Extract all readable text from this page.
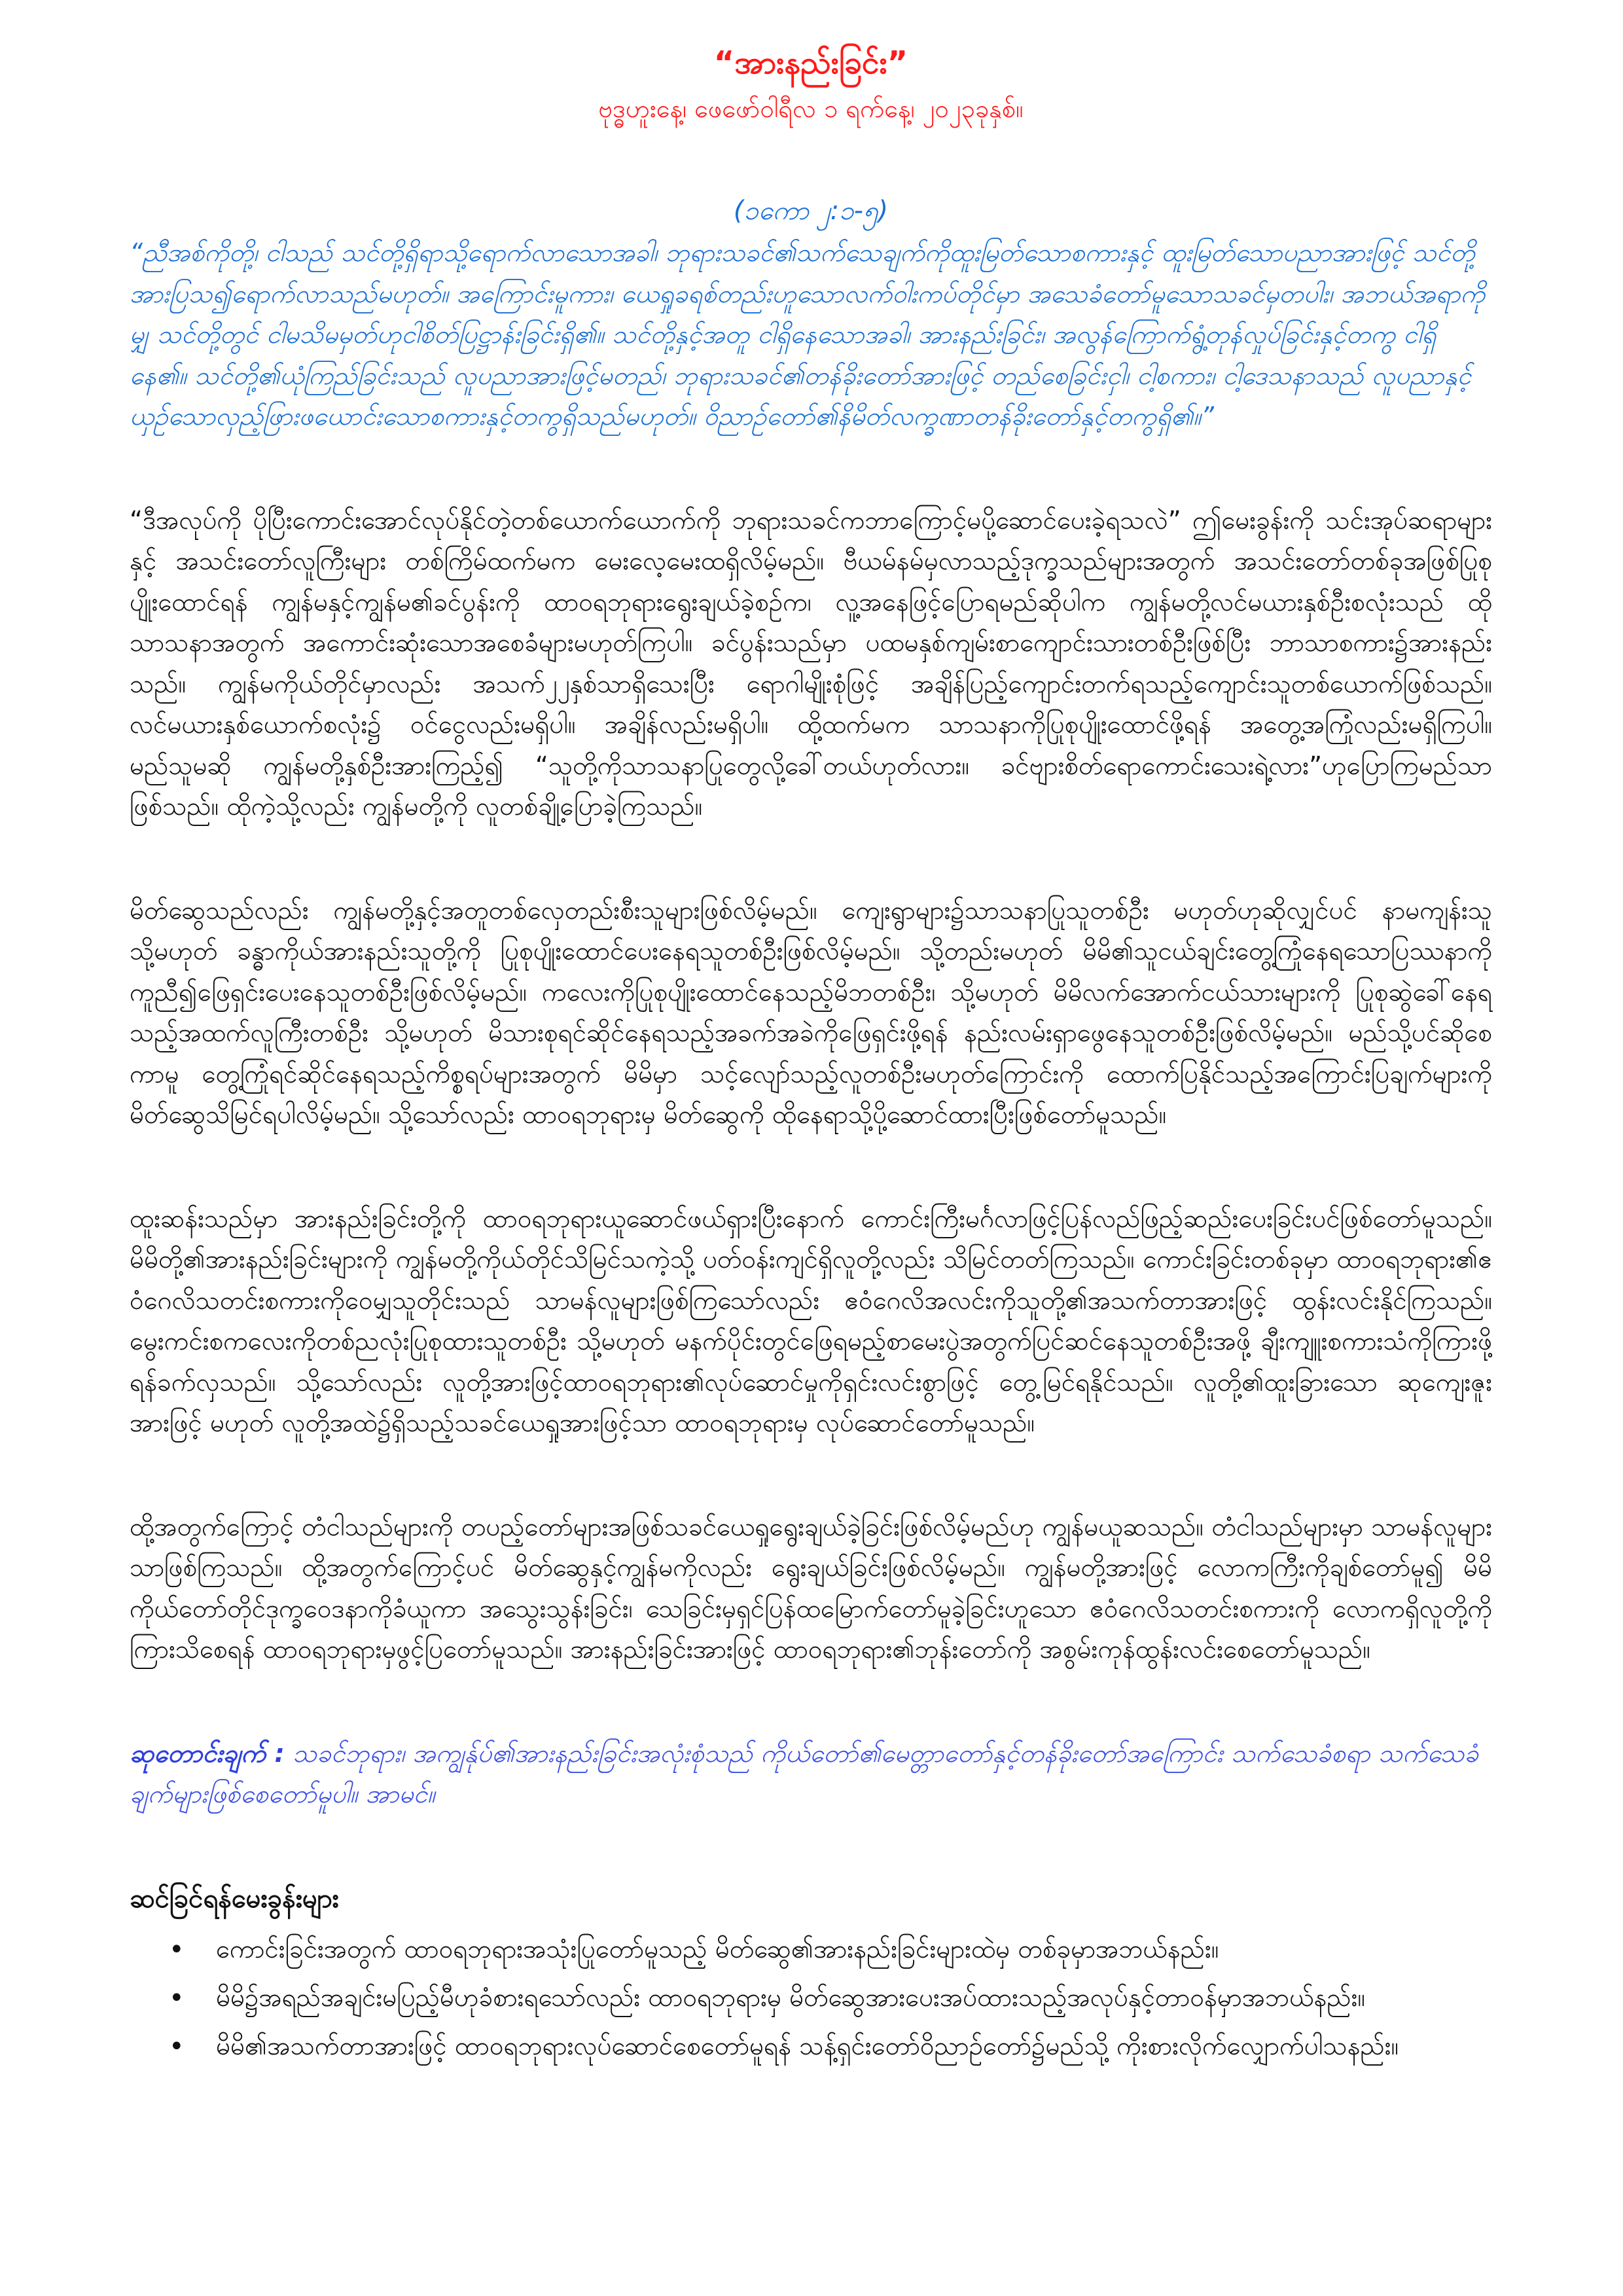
“အားနည်းခြင်း”
ဗုဒ္ဓဟူးနေ့၊ ဖေဖော်ဝါရီလ ၁ ရက်နေ့၊ ၂၀၂၃ခုနှစ်။
(၁ကော ၂:၁-၅)
“ညီအစ်ကိုတို့၊ ငါသည် သင်တို့ရှိရာသို့ရောက်လာသောအခါ၊ ဘုရားသခင်၏သက်သေချက်ကိုထူးမြတ်သောစကားနှင့် ထူးမြတ်သောပညာအားဖြင့် သင်တို့အားပြသ၍ရောက်လာသည်မဟုတ်။ အကြောင်းမူကား၊ ယေရှုခရစ်တည်းဟူသောလက်ဝါးကပ်တိုင်မှာ အသေခံတော်မူသောသခင်မှတပါး၊ အဘယ်အရာကိုမျှ သင်တို့တွင် ငါမသိမမှတ်ဟုငါစိတ်ပြဋ္ဌာန်းခြင်းရှိ၏။ သင်တို့နှင့်အတူ ငါရှိနေသောအခါ၊ အားနည်းခြင်း၊ အလွန်ကြောက်ရွံ့တုန်လှုပ်ခြင်းနှင့်တကွ ငါရှိနေ၏။ သင်တို့၏ယုံကြည်ခြင်းသည် လူပညာအားဖြင့်မတည်၊ ဘုရားသခင်၏တန်ခိုးတော်အားဖြင့် တည်စေခြင်းငှါ၊ ငါ့စကား၊ ငါ့ဒေသနာသည် လူပညာနှင့်ယှဉ်သောလှည့်ဖြားဖယောင်းသောစကားနှင့်တကွရှိသည်မဟုတ်။ ဝိညာဉ်တော်၏နိမိတ်လက္ခဏာတန်ခိုးတော်နှင့်တကွရှိ၏။”
“ဒီအလုပ်ကို ပိုပြီးကောင်းအောင်လုပ်နိုင်တဲ့တစ်ယောက်ယောက်ကို ဘုရားသခင်ကဘာကြောင့်မပို့ဆောင်ပေးခဲ့ရသလဲ” ဤမေးခွန်းကို သင်းအုပ်ဆရာများနှင့် အသင်းတော်လူကြီးများ တစ်ကြိမ်ထက်မက မေးလေ့မေးထရှိလိမ့်မည်။ ဗီယမ်နမ်မှလာသည့်ဒုက္ခသည်များအတွက် အသင်းတော်တစ်ခုအဖြစ်ပြုစုပျိုးထောင်ရန် ကျွန်မနှင့်ကျွန်မ၏ခင်ပွန်းကို ထာဝရဘုရားရွေးချယ်ခဲ့စဉ်က၊ လူ့အနေဖြင့်ပြောရမည်ဆိုပါက ကျွန်မတို့လင်မယားနှစ်ဦးစလုံးသည် ထိုသာသနာအတွက် အကောင်းဆုံးသောအစေခံများမဟုတ်ကြပါ။ ခင်ပွန်းသည်မှာ ပထမနှစ်ကျမ်းစာကျောင်းသားတစ်ဦးဖြစ်ပြီး ဘာသာစကား၌အားနည်းသည်။ ကျွန်မကိုယ်တိုင်မှာလည်း အသက်၂၂နှစ်သာရှိသေးပြီး ရောဂါမျိုးစုံဖြင့် အချိန်ပြည့်ကျောင်းတက်ရသည့်ကျောင်းသူတစ်ယောက်ဖြစ်သည်။ လင်မယားနှစ်ယောက်စလုံး၌ ဝင်ငွေလည်းမရှိပါ။ အချိန်လည်းမရှိပါ။ ထို့ထက်မက သာသနာကိုပြုစုပျိုးထောင်ဖို့ရန် အတွေ့အကြုံလည်းမရှိကြပါ။ မည်သူမဆို ကျွန်မတို့နှစ်ဦးအားကြည့်၍ “သူတို့ကိုသာသနာပြုတွေလို့ခေါ်တယ်ဟုတ်လား။ ခင်ဗျားစိတ်ရောကောင်းသေးရဲ့လား”ဟုပြောကြမည်သာဖြစ်သည်။ ထိုကဲ့သို့လည်း ကျွန်မတို့ကို လူတစ်ချို့ပြောခဲ့ကြသည်။
မိတ်ဆွေသည်လည်း ကျွန်မတို့နှင့်အတူတစ်လှေတည်းစီးသူများဖြစ်လိမ့်မည်။ ကျေးရွာများ၌သာသနာပြုသူတစ်ဦး မဟုတ်ဟုဆိုလျှင်ပင် နာမကျန်းသူ သို့မဟုတ် ခန္ဓာကိုယ်အားနည်းသူတို့ကို ပြုစုပျိုးထောင်ပေးနေရသူတစ်ဦးဖြစ်လိမ့်မည်။ သို့တည်းမဟုတ် မိမိ၏သူငယ်ချင်းတွေ့ကြုံနေရသောပြဿနာကို ကူညီ၍ဖြေရှင်းပေးနေသူတစ်ဦးဖြစ်လိမ့်မည်။ ကလေးကိုပြုစုပျိုးထောင်နေသည့်မိဘတစ်ဦး၊ သို့မဟုတ် မိမိလက်အောက်ငယ်သားများကို ပြုစုဆွဲခေါ်နေရသည့်အထက်လူကြီးတစ်ဦး သို့မဟုတ် မိသားစုရင်ဆိုင်နေရသည့်အခက်အခဲကိုဖြေရှင်းဖို့ရန် နည်းလမ်းရှာဖွေနေသူတစ်ဦးဖြစ်လိမ့်မည်။ မည်သို့ပင်ဆိုစေကာမူ တွေ့ကြုံရင်ဆိုင်နေရသည့်ကိစ္စရပ်များအတွက် မိမိမှာ သင့်လျော်သည့်လူတစ်ဦးမဟုတ်ကြောင်းကို ထောက်ပြနိုင်သည့်အကြောင်းပြချက်များကို မိတ်ဆွေသိမြင်ရပါလိမ့်မည်။ သို့သော်လည်း ထာဝရဘုရားမှ မိတ်ဆွေကို ထိုနေရာသို့ပို့ဆောင်ထားပြီးဖြစ်တော်မူသည်။
ထူးဆန်းသည်မှာ အားနည်းခြင်းတို့ကို ထာဝရဘုရားယူဆောင်ဖယ်ရှားပြီးနောက် ကောင်းကြီးမင်္ဂလာဖြင့်ပြန်လည်ဖြည့်ဆည်းပေးခြင်းပင်ဖြစ်တော်မူသည်။ မိမိတို့၏အားနည်းခြင်းများကို ကျွန်မတို့ကိုယ်တိုင်သိမြင်သကဲ့သို့ ပတ်ဝန်းကျင်ရှိလူတို့လည်း သိမြင်တတ်ကြသည်။ ကောင်းခြင်းတစ်ခုမှာ ထာဝရဘုရား၏ဧဝံဂေလိသတင်းစကားကိုဝေမျှသူတိုင်းသည် သာမန်လူများဖြစ်ကြသော်လည်း ဧဝံဂေလိအလင်းကိုသူတို့၏အသက်တာအားဖြင့် ထွန်းလင်းနိုင်ကြသည်။ မွေးကင်းစကလေးကိုတစ်ညလုံးပြုစုထားသူတစ်ဦး သို့မဟုတ် မနက်ပိုင်းတွင်ဖြေရမည့်စာမေးပွဲအတွက်ပြင်ဆင်နေသူတစ်ဦးအဖို့ ချီးကျူးစကားသံကိုကြားဖို့ရန်ခက်လှသည်။ သို့သော်လည်း လူတို့အားဖြင့်ထာဝရဘုရား၏လုပ်ဆောင်မှုကိုရှင်းလင်းစွာဖြင့် တွေ့မြင်ရနိုင်သည်။ လူတို့၏ထူးခြားသော ဆုကျေးဇူးအားဖြင့် မဟုတ် လူတို့အထဲ၌ရှိသည့်သခင်ယေရှုအားဖြင့်သာ ထာဝရဘုရားမှ လုပ်ဆောင်တော်မူသည်။
ထို့အတွက်ကြောင့် တံငါသည်များကို တပည့်တော်များအဖြစ်သခင်ယေရှုရွေးချယ်ခဲ့ခြင်းဖြစ်လိမ့်မည်ဟု ကျွန်မယူဆသည်။ တံငါသည်များမှာ သာမန်လူများသာဖြစ်ကြသည်။ ထို့အတွက်ကြောင့်ပင် မိတ်ဆွေနှင့်ကျွန်မကိုလည်း ရွေးချယ်ခြင်းဖြစ်လိမ့်မည်။ ကျွန်မတို့အားဖြင့် လောကကြီးကိုချစ်တော်မူ၍ မိမိကိုယ်တော်တိုင်ဒုက္ခဝေဒနာကိုခံယူကာ အသွေးသွန်းခြင်း၊ သေခြင်းမှရှင်ပြန်ထမြောက်တော်မူခဲ့ခြင်းဟူသော ဧဝံဂေလိသတင်းစကားကို လောကရှိလူတို့ကို ကြားသိစေရန် ထာဝရဘုရားမှဖွင့်ပြတော်မူသည်။ အားနည်းခြင်းအားဖြင့် ထာဝရဘုရား၏ဘုန်းတော်ကို အစွမ်းကုန်ထွန်းလင်းစေတော်မူသည်။
ဆုတောင်းချက် : သခင်ဘုရား၊ အကျွန်ုပ်၏အားနည်းခြင်းအလုံးစုံသည် ကိုယ်တော်၏မေတ္တာတော်နှင့်တန်ခိုးတော်အကြောင်း သက်သေခံစရာ သက်သေခံချက်များဖြစ်စေတော်မူပါ။ အာမင်။
ဆင်ခြင်ရန်မေးခွန်းများ
• ကောင်းခြင်းအတွက် ထာဝရဘုရားအသုံးပြုတော်မူသည့် မိတ်ဆွေ၏အားနည်းခြင်းများထဲမှ တစ်ခုမှာအဘယ်နည်း။
• မိမိ၌အရည်အချင်းမပြည့်မီဟုခံစားရသော်လည်း ထာဝရဘုရားမှ မိတ်ဆွေအားပေးအပ်ထားသည့်အလုပ်နှင့်တာဝန်မှာအဘယ်နည်း။
• မိမိ၏အသက်တာအားဖြင့် ထာဝရဘုရားလုပ်ဆောင်စေတော်မူရန် သန့်ရှင်းတော်ဝိညာဉ်တော်၌မည်သို့ ကိုးစားလိုက်လျှောက်ပါသနည်း။
